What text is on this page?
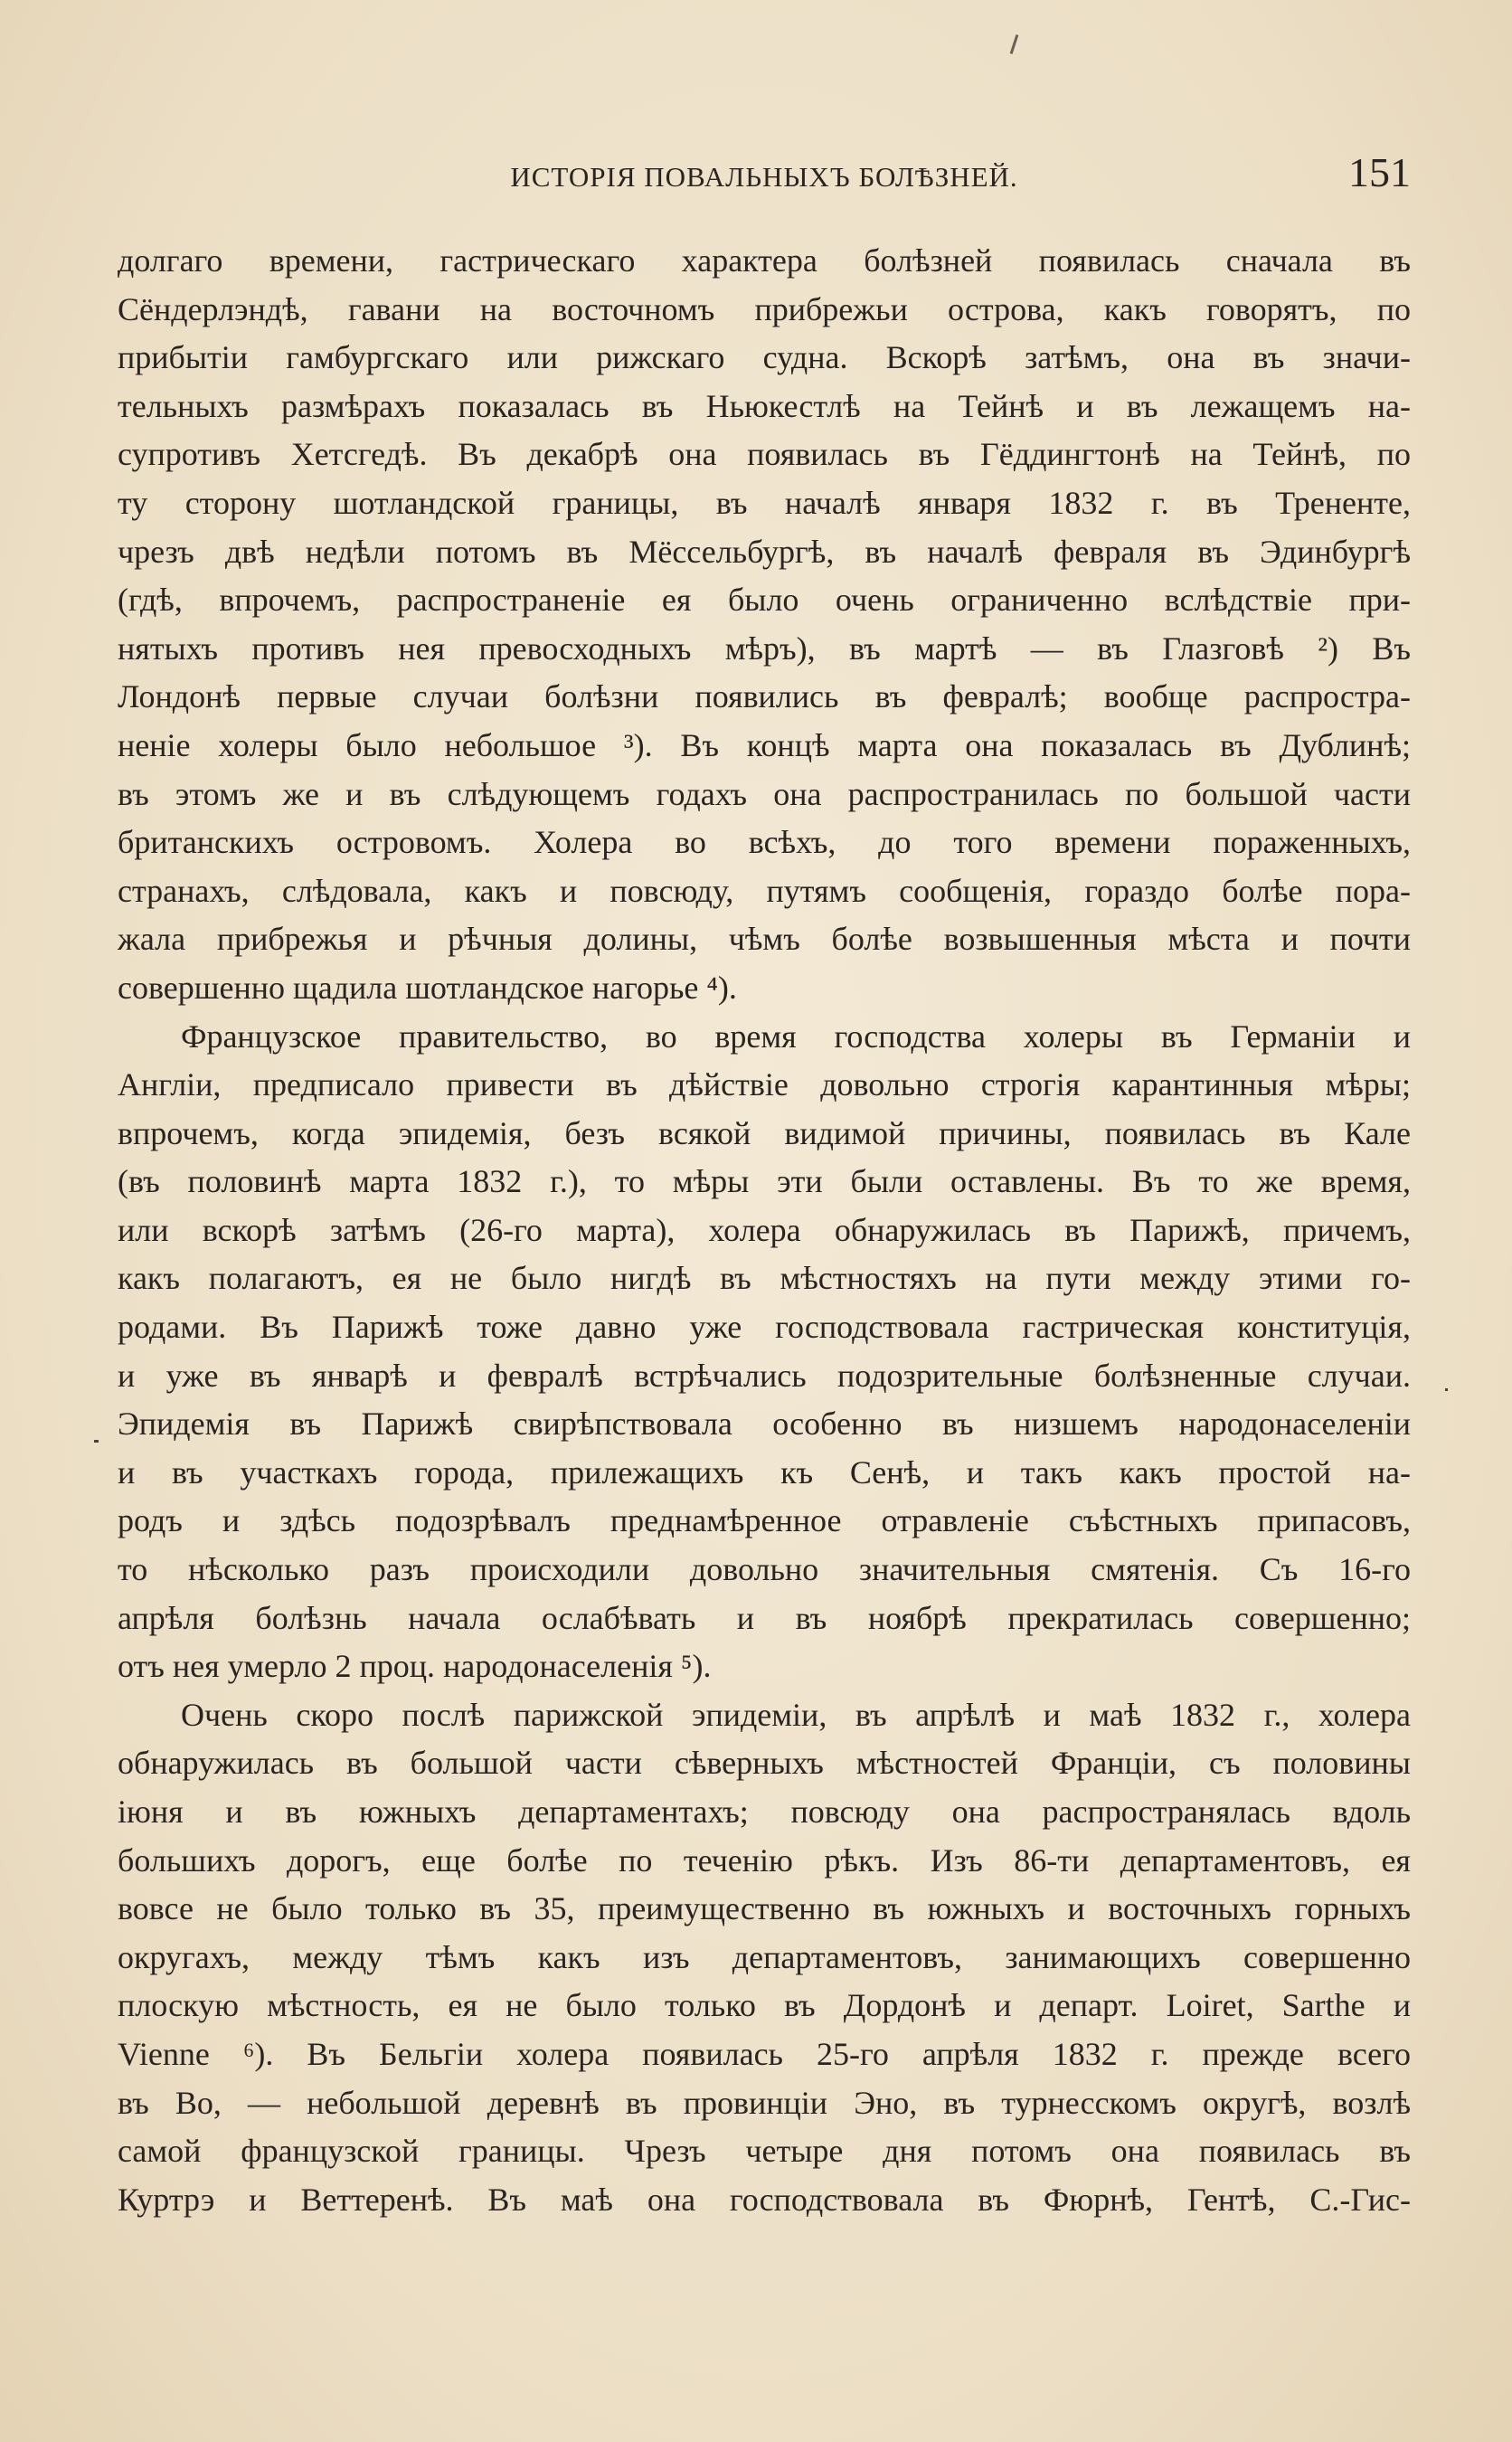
ИСТОРІЯ ПОВАЛЬНЫХЪ БОЛѢЗНЕЙ.	151
долгаго времени, гастрическаго характера болѣзней появилась сначала въ
Сёндерлэндѣ, гавани на восточномъ прибрежьи острова, какъ говорятъ, по
прибытіи гамбургскаго или рижскаго судна. Вскорѣ затѣмъ, она въ значи-
тельныхъ размѣрахъ показалась въ Ньюкестлѣ на Тейнѣ и въ лежащемъ на-
супротивъ Хетсгедѣ. Въ декабрѣ она появилась въ Гёддингтонѣ на Тейнѣ, по
ту сторону шотландской границы, въ началѣ января 1832 г. въ Трененте,
чрезъ двѣ недѣли потомъ въ Мёссельбургѣ, въ началѣ февраля въ Эдинбургѣ
(гдѣ, впрочемъ, распространеніе ея было очень ограниченно вслѣдствіе при-
нятыхъ противъ нея превосходныхъ мѣръ), въ мартѣ — въ Глазговѣ ²) Въ
Лондонѣ первые случаи болѣзни появились въ февралѣ; вообще распростра-
неніе холеры было небольшое ³). Въ концѣ марта она показалась въ Дублинѣ;
въ этомъ же и въ слѣдующемъ годахъ она распространилась по большой части
британскихъ островомъ. Холера во всѣхъ, до того времени пораженныхъ,
странахъ, слѣдовала, какъ и повсюду, путямъ сообщенія, гораздо болѣе пора-
жала прибрежья и рѣчныя долины, чѣмъ болѣе возвышенныя мѣста и почти
совершенно щадила шотландское нагорье ⁴).
Французское правительство, во время господства холеры въ Германіи и
Англіи, предписало привести въ дѣйствіе довольно строгія карантинныя мѣры;
впрочемъ, когда эпидемія, безъ всякой видимой причины, появилась въ Кале
(въ половинѣ марта 1832 г.), то мѣры эти были оставлены. Въ то же время,
или вскорѣ затѣмъ (26-го марта), холера обнаружилась въ Парижѣ, причемъ,
какъ полагаютъ, ея не было нигдѣ въ мѣстностяхъ на пути между этими го-
родами. Въ Парижѣ тоже давно уже господствовала гастрическая конституція,
и уже въ январѣ и февралѣ встрѣчались подозрительные болѣзненные случаи.
Эпидемія въ Парижѣ свирѣпствовала особенно въ низшемъ народонаселеніи
и въ участкахъ города, прилежащихъ къ Сенѣ, и такъ какъ простой на-
родъ и здѣсь подозрѣвалъ преднамѣренное отравленіе съѣстныхъ припасовъ,
то нѣсколько разъ происходили довольно значительныя смятенія. Съ 16-го
апрѣля болѣзнь начала ослабѣвать и въ ноябрѣ прекратилась совершенно;
отъ нея умерло 2 проц. народонаселенія ⁵).
Очень скоро послѣ парижской эпидеміи, въ апрѣлѣ и маѣ 1832 г., холера
обнаружилась въ большой части сѣверныхъ мѣстностей Франціи, съ половины
іюня и въ южныхъ департаментахъ; повсюду она распространялась вдоль
большихъ дорогъ, еще болѣе по теченію рѣкъ. Изъ 86-ти департаментовъ, ея
вовсе не было только въ 35, преимущественно въ южныхъ и восточныхъ горныхъ
округахъ, между тѣмъ какъ изъ департаментовъ, занимающихъ совершенно
плоскую мѣстность, ея не было только въ Дордонѣ и департ. Loiret, Sarthe и
Vienne ⁶). Въ Бельгіи холера появилась 25-го апрѣля 1832 г. прежде всего
въ Во, — небольшой деревнѣ въ провинціи Эно, въ турнесскомъ округѣ, возлѣ
самой французской границы. Чрезъ четыре дня потомъ она появилась въ
Куртрэ и Веттеренѣ. Въ маѣ она господствовала въ Фюрнѣ, Гентѣ, С.-Гис-
